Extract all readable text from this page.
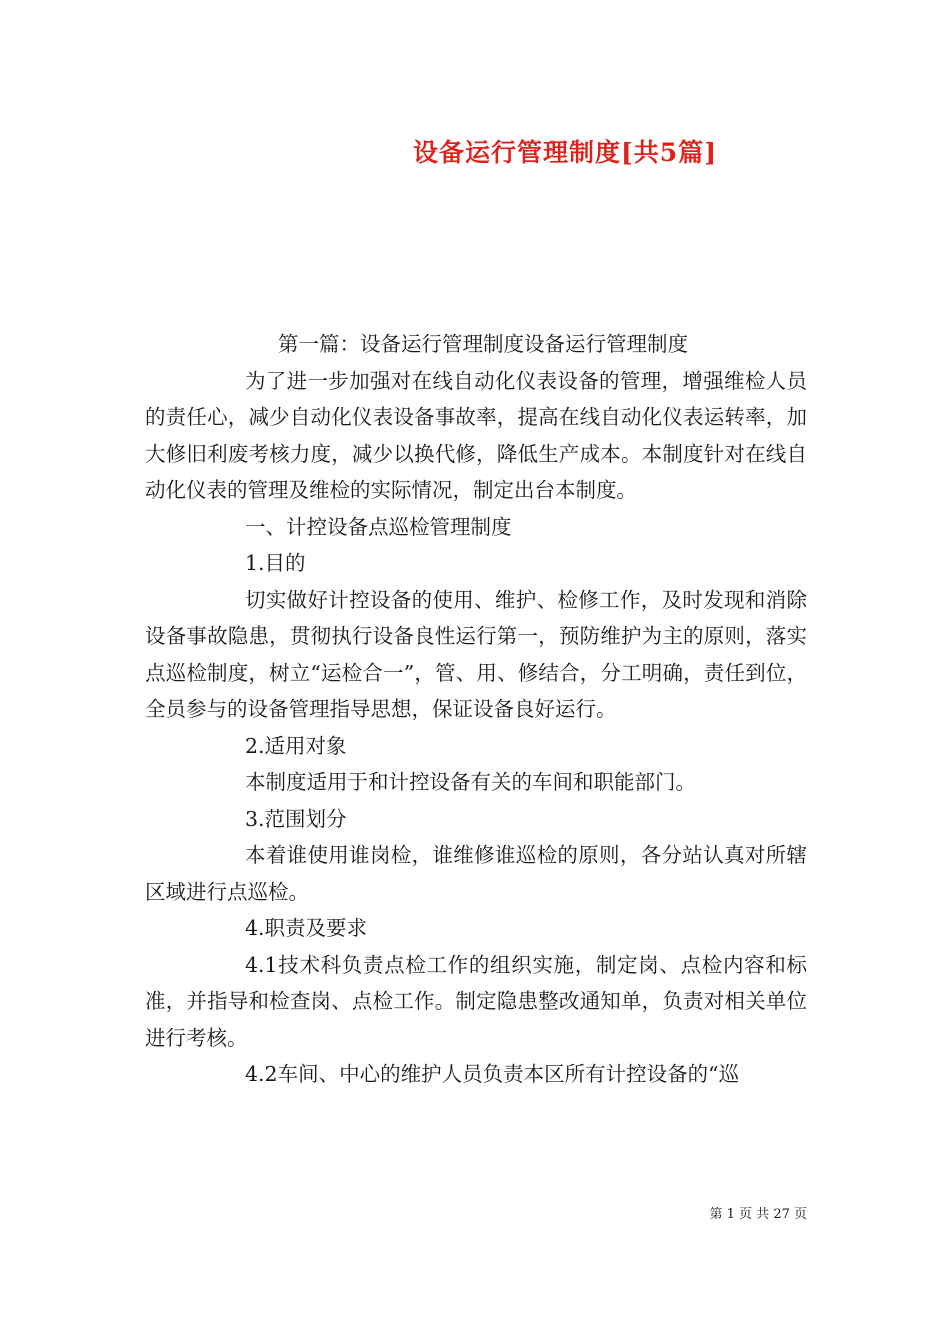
设备运行管理制度[共5篇]

第一篇：设备运行管理制度设备运行管理制度

为了进一步加强对在线自动化仪表设备的管理，增强维检人员的责任心，减少自动化仪表设备事故率，提高在线自动化仪表运转率，加大修旧利废考核力度，减少以换代修，降低生产成本。本制度针对在线自动化仪表的管理及维检的实际情况，制定出台本制度。

一、计控设备点巡检管理制度

1.目的

切实做好计控设备的使用、维护、检修工作，及时发现和消除设备事故隐患，贯彻执行设备良性运行第一，预防维护为主的原则，落实点巡检制度，树立“运检合一”，管、用、修结合，分工明确，责任到位，全员参与的设备管理指导思想，保证设备良好运行。

2.适用对象

本制度适用于和计控设备有关的车间和职能部门。

3.范围划分

本着谁使用谁岗检，谁维修谁巡检的原则，各分站认真对所辖区域进行点巡检。

4.职责及要求

4.1技术科负责点检工作的组织实施，制定岗、点检内容和标准，并指导和检查岗、点检工作。制定隐患整改通知单，负责对相关单位进行考核。

4.2车间、中心的维护人员负责本区所有计控设备的“巡

第 1 页 共 27 页
